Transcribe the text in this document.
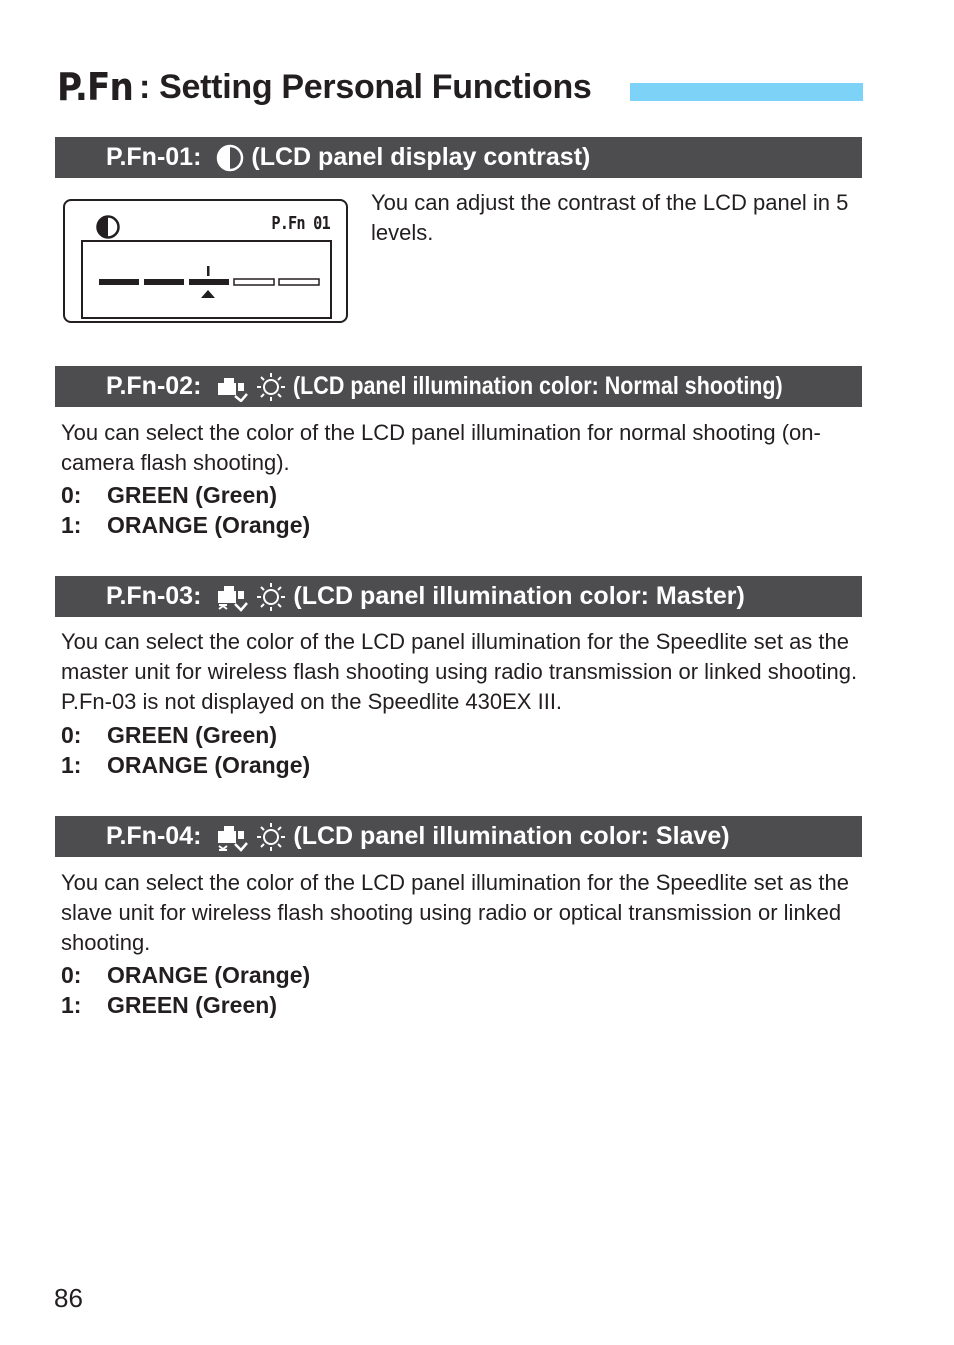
P.Fn : Setting Personal Functions
P.Fn-01: (LCD panel display contrast)
P.Fn 01

You can adjust the contrast of the LCD panel in 5 levels.

P.Fn-02:	(LCD panel illumination color: Normal shooting)

You can select the color of the LCD panel illumination for normal shooting (on-camera flash shooting).

0: GREEN (Green)
1: ORANGE (Orange)
P.Fn-03:	(LCD panel illumination color: Master)

You can select the color of the LCD panel illumination for the Speedlite set as the master unit for wireless flash shooting using radio transmission or linked shooting. P.Fn-03 is not displayed on the Speedlite 430EX III.

0: GREEN (Green)
1: ORANGE (Orange)
P.Fn-04:	(LCD panel illumination color: Slave)

You can select the color of the LCD panel illumination for the Speedlite set as the slave unit for wireless flash shooting using radio or optical transmission or linked shooting.

0: ORANGE (Orange)
1: GREEN (Green)
86
